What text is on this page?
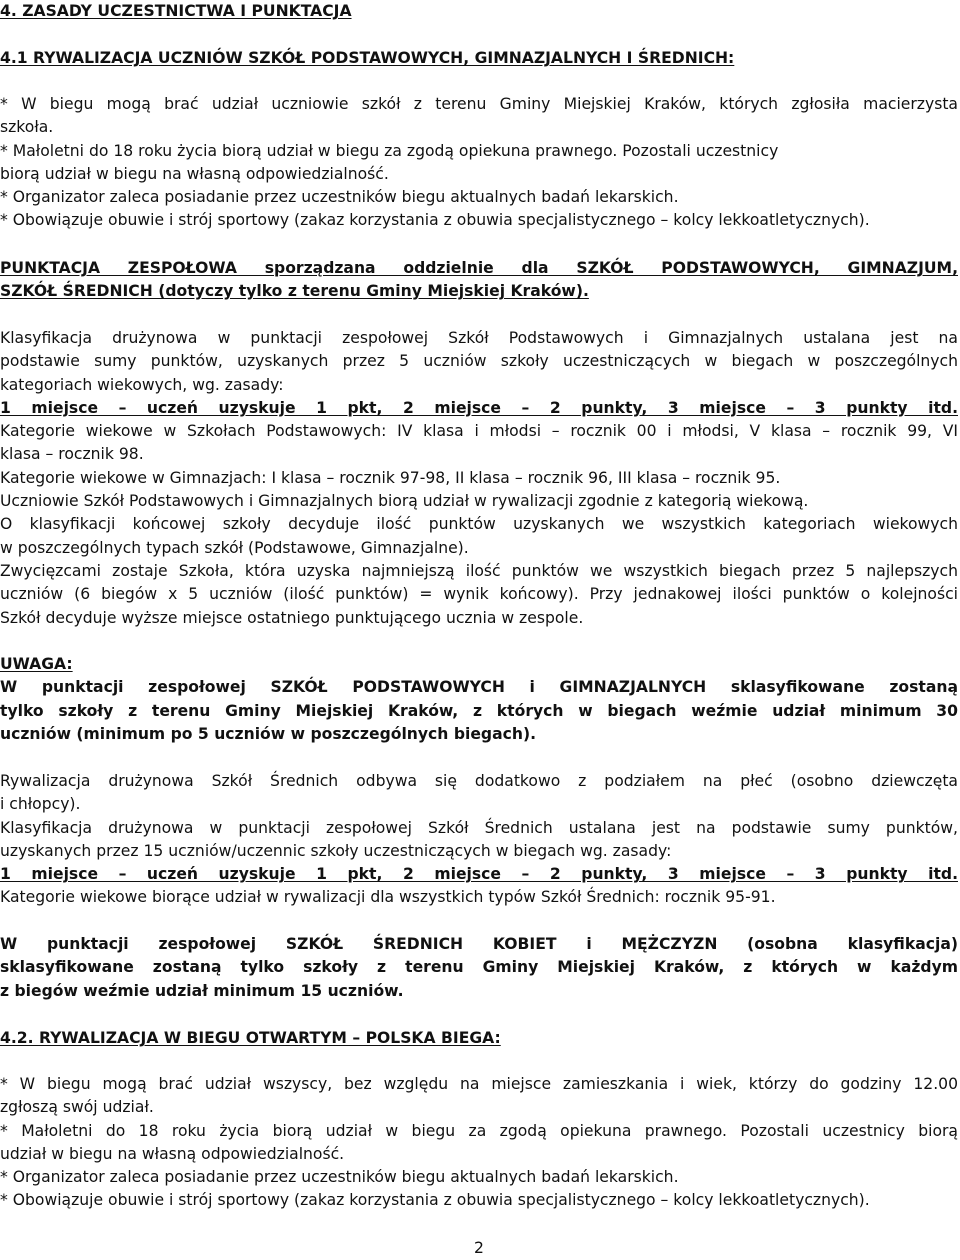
4. ZASADY UCZESTNICTWA I PUNKTACJA
4.1 RYWALIZACJA UCZNIÓW SZKÓŁ PODSTAWOWYCH, GIMNAZJALNYCH I ŚREDNICH:
* W biegu mogą brać udział uczniowie szkół z terenu Gminy Miejskiej Kraków, których zgłosiła macierzysta
szkoła.
* Małoletni do 18 roku życia biorą udział w biegu za zgodą opiekuna prawnego. Pozostali uczestnicy
biorą udział w biegu na własną odpowiedzialność.
* Organizator zaleca posiadanie przez uczestników biegu aktualnych badań lekarskich.
* Obowiązuje obuwie i strój sportowy (zakaz korzystania z obuwia specjalistycznego – kolcy lekkoatletycznych).
PUNKTACJA ZESPOŁOWA sporządzana oddzielnie dla SZKÓŁ PODSTAWOWYCH, GIMNAZJUM,
SZKÓŁ ŚREDNICH (dotyczy tylko z terenu Gminy Miejskiej Kraków).
Klasyfikacja drużynowa w punktacji zespołowej Szkół Podstawowych i Gimnazjalnych ustalana jest na
podstawie sumy punktów, uzyskanych przez 5 uczniów szkoły uczestniczących w biegach w poszczególnych
kategoriach wiekowych, wg. zasady:
1 miejsce – uczeń uzyskuje 1 pkt, 2 miejsce – 2 punkty, 3 miejsce – 3 punkty itd.
Kategorie wiekowe w Szkołach Podstawowych: IV klasa i młodsi – rocznik 00 i młodsi, V klasa – rocznik 99, VI
klasa – rocznik 98.
Kategorie wiekowe w Gimnazjach: I klasa – rocznik 97-98, II klasa – rocznik 96, III klasa – rocznik 95.
Uczniowie Szkół Podstawowych i Gimnazjalnych biorą udział w rywalizacji zgodnie z kategorią wiekową.
O klasyfikacji końcowej szkoły decyduje ilość punktów uzyskanych we wszystkich kategoriach wiekowych
w poszczególnych typach szkół (Podstawowe, Gimnazjalne).
Zwycięzcami zostaje Szkoła, która uzyska najmniejszą ilość punktów we wszystkich biegach przez 5 najlepszych
uczniów (6 biegów x 5 uczniów (ilość punktów) = wynik końcowy). Przy jednakowej ilości punktów o kolejności
Szkół decyduje wyższe miejsce ostatniego punktującego ucznia w zespole.
UWAGA:
W punktacji zespołowej SZKÓŁ PODSTAWOWYCH i GIMNAZJALNYCH sklasyfikowane zostaną
tylko szkoły z terenu Gminy Miejskiej Kraków, z których w biegach weźmie udział minimum 30
uczniów (minimum po 5 uczniów w poszczególnych biegach).
Rywalizacja drużynowa Szkół Średnich odbywa się dodatkowo z podziałem na płeć (osobno dziewczęta
i chłopcy).
Klasyfikacja drużynowa w punktacji zespołowej Szkół Średnich ustalana jest na podstawie sumy punktów,
uzyskanych przez 15 uczniów/uczennic szkoły uczestniczących w biegach wg. zasady:
1 miejsce – uczeń uzyskuje 1 pkt, 2 miejsce – 2 punkty, 3 miejsce – 3 punkty itd.
Kategorie wiekowe biorące udział w rywalizacji dla wszystkich typów Szkół Średnich: rocznik 95-91.
W punktacji zespołowej SZKÓŁ ŚREDNICH KOBIET i MĘŻCZYZN (osobna klasyfikacja)
sklasyfikowane zostaną tylko szkoły z terenu Gminy Miejskiej Kraków, z których w każdym
z biegów weźmie udział minimum 15 uczniów.
4.2. RYWALIZACJA W BIEGU OTWARTYM – POLSKA BIEGA:
* W biegu mogą brać udział wszyscy, bez względu na miejsce zamieszkania i wiek, którzy do godziny 12.00
zgłoszą swój udział.
* Małoletni do 18 roku życia biorą udział w biegu za zgodą opiekuna prawnego. Pozostali uczestnicy biorą
udział w biegu na własną odpowiedzialność.
* Organizator zaleca posiadanie przez uczestników biegu aktualnych badań lekarskich.
* Obowiązuje obuwie i strój sportowy (zakaz korzystania z obuwia specjalistycznego – kolcy lekkoatletycznych).
2
